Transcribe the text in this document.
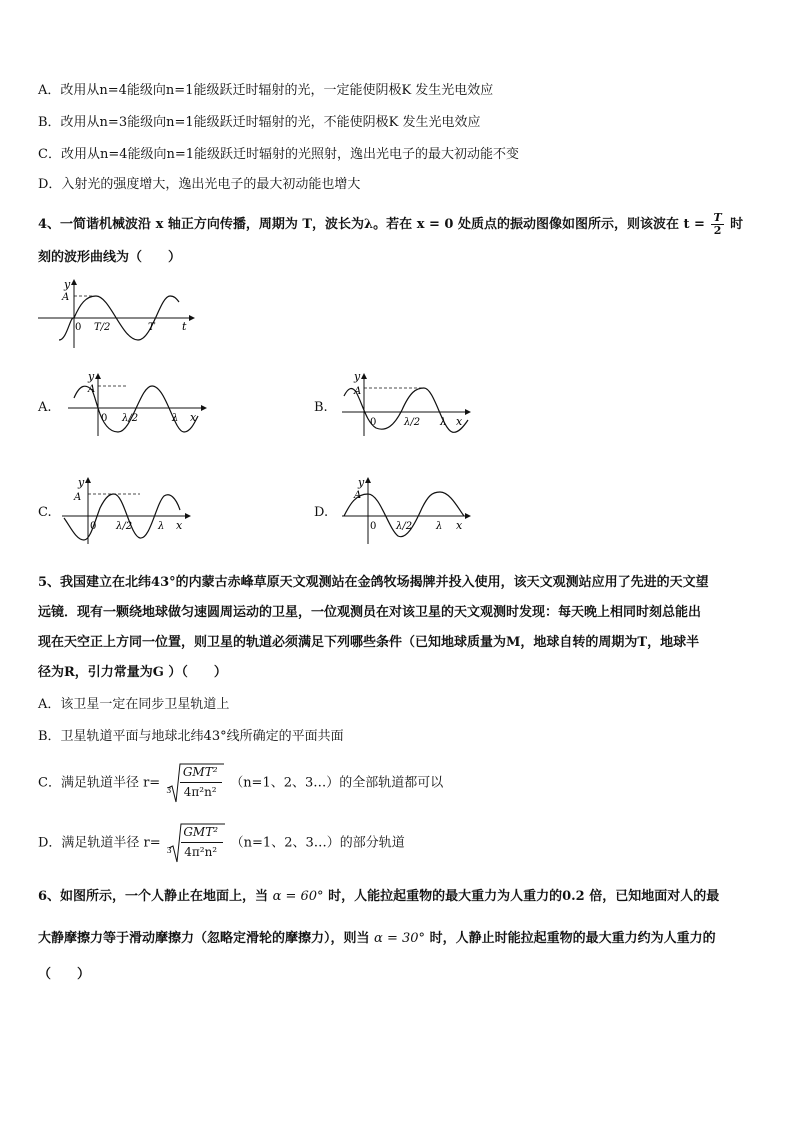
A．改用从n=4能级向n=1能级跃迁时辐射的光，一定能使阴极K 发生光电效应
B．改用从n=3能级向n=1能级跃迁时辐射的光，不能使阴极K 发生光电效应
C．改用从n=4能级向n=1能级跃迁时辐射的光照射，逸出光电子的最大初动能不变
D．入射光的强度增大，逸出光电子的最大初动能也增大
4、一简谐机械波沿 x 轴正方向传播，周期为 T，波长为λ。若在 x = 0 处质点的振动图像如图所示，则该波在 $t = \frac{T}{2}$ 时
刻的波形曲线为（　　）
y
A
0 T/2	T t
A.
y
A
0 λ/2	λ x
B.
y
A
0	λ/2 λ x
C.
y
A
0 λ/2	λ x
D.
y
A
0 λ/2 λ x
5、我国建立在北纬43°的内蒙古赤峰草原天文观测站在金鸽牧场揭牌并投入使用，该天文观测站应用了先进的天文望
远镜．现有一颗绕地球做匀速圆周运动的卫星，一位观测员在对该卫星的天文观测时发现：每天晚上相同时刻总能出
现在天空正上方同一位置，则卫星的轨道必须满足下列哪些条件（已知地球质量为M，地球自转的周期为T，地球半
径为R，引力常量为G ）（　　）
A．该卫星一定在同步卫星轨道上
B．卫星轨道平面与地球北纬43°线所确定的平面共面
C．满足轨道半径 r= 3
GMT²
4π²n²
（n=1、2、3…）的全部轨道都可以
D．满足轨道半径 r= 3
GMT²
4π²n²
（n=1、2、3…）的部分轨道
6、如图所示，一个人静止在地面上，当 α = 60° 时，人能拉起重物的最大重力为人重力的0.2 倍，已知地面对人的最
大静摩擦力等于滑动摩擦力（忽略定滑轮的摩擦力），则当 α = 30° 时，人静止时能拉起重物的最大重力约为人重力的
（　　）
